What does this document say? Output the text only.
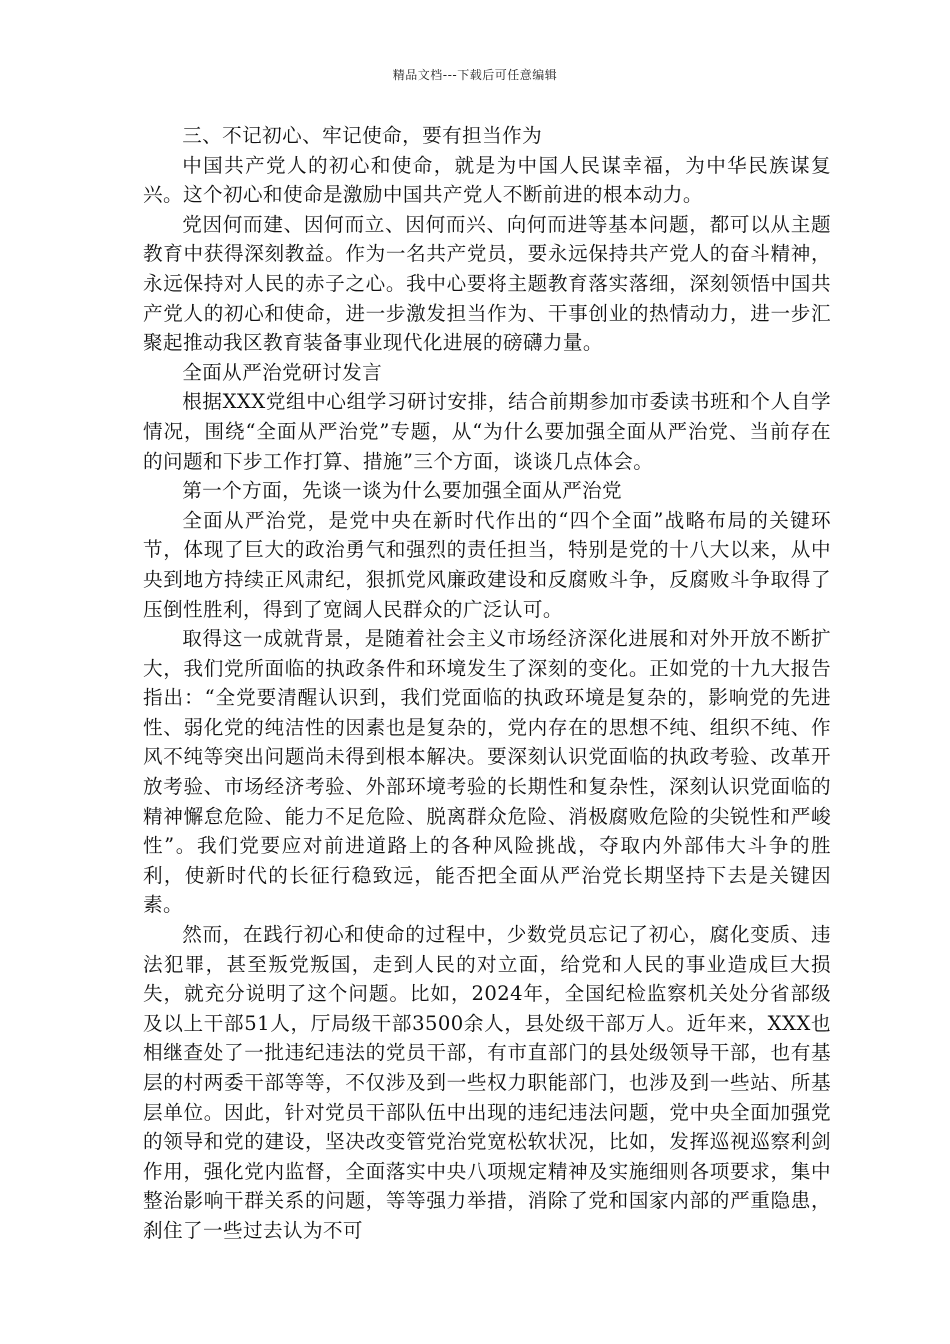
精品文档---下载后可任意编辑

三、不记初心、牢记使命，要有担当作为

中国共产党人的初心和使命，就是为中国人民谋幸福，为中华民族谋复兴。这个初心和使命是激励中国共产党人不断前进的根本动力。

党因何而建、因何而立、因何而兴、向何而进等基本问题，都可以从主题教育中获得深刻教益。作为一名共产党员，要永远保持共产党人的奋斗精神，永远保持对人民的赤子之心。我中心要将主题教育落实落细，深刻领悟中国共产党人的初心和使命，进一步激发担当作为、干事创业的热情动力，进一步汇聚起推动我区教育装备事业现代化进展的磅礴力量。

全面从严治党研讨发言

根据XXX党组中心组学习研讨安排，结合前期参加市委读书班和个人自学情况，围绕“全面从严治党”专题，从“为什么要加强全面从严治党、当前存在的问题和下步工作打算、措施”三个方面，谈谈几点体会。

第一个方面，先谈一谈为什么要加强全面从严治党

全面从严治党，是党中央在新时代作出的“四个全面”战略布局的关键环节，体现了巨大的政治勇气和强烈的责任担当，特别是党的十八大以来，从中央到地方持续正风肃纪，狠抓党风廉政建设和反腐败斗争，反腐败斗争取得了压倒性胜利，得到了宽阔人民群众的广泛认可。

取得这一成就背景，是随着社会主义市场经济深化进展和对外开放不断扩大，我们党所面临的执政条件和环境发生了深刻的变化。正如党的十九大报告指出：“全党要清醒认识到，我们党面临的执政环境是复杂的，影响党的先进性、弱化党的纯洁性的因素也是复杂的，党内存在的思想不纯、组织不纯、作风不纯等突出问题尚未得到根本解决。要深刻认识党面临的执政考验、改革开放考验、市场经济考验、外部环境考验的长期性和复杂性，深刻认识党面临的精神懈怠危险、能力不足危险、脱离群众危险、消极腐败危险的尖锐性和严峻性”。我们党要应对前进道路上的各种风险挑战，夺取内外部伟大斗争的胜利，使新时代的长征行稳致远，能否把全面从严治党长期坚持下去是关键因素。

然而，在践行初心和使命的过程中，少数党员忘记了初心，腐化变质、违法犯罪，甚至叛党叛国，走到人民的对立面，给党和人民的事业造成巨大损失，就充分说明了这个问题。比如，2024年，全国纪检监察机关处分省部级及以上干部51人，厅局级干部3500余人，县处级干部万人。近年来，XXX也相继查处了一批违纪违法的党员干部，有市直部门的县处级领导干部，也有基层的村两委干部等等，不仅涉及到一些权力职能部门，也涉及到一些站、所基层单位。因此，针对党员干部队伍中出现的违纪违法问题，党中央全面加强党的领导和党的建设，坚决改变管党治党宽松软状况，比如，发挥巡视巡察利剑作用，强化党内监督，全面落实中央八项规定精神及实施细则各项要求，集中整治影响干群关系的问题，等等强力举措，消除了党和国家内部的严重隐患，刹住了一些过去认为不可
